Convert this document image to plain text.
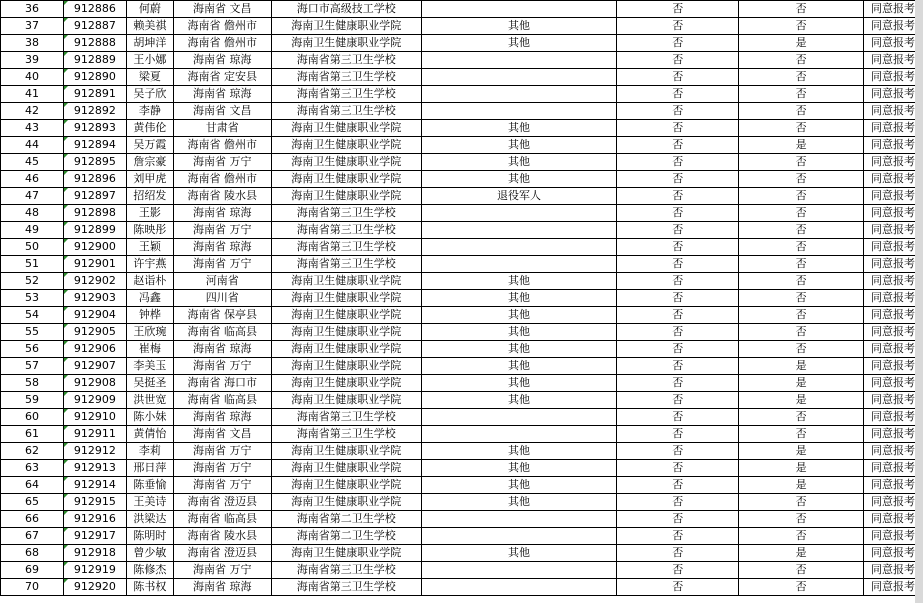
36	912886	何蔚	海南省 文昌	海口市高级技工学校		否	否	同意报考
37	912887	赖美祺	海南省 儋州市	海南卫生健康职业学院	其他	否	否	同意报考
38	912888	胡坤洋	海南省 儋州市	海南卫生健康职业学院	其他	否	是	同意报考
39	912889	王小娜	海南省 琼海	海南省第三卫生学校		否	否	同意报考
40	912890	梁夏	海南省 定安县	海南省第三卫生学校		否	否	同意报考
41	912891	吴子欣	海南省 琼海	海南省第三卫生学校		否	否	同意报考
42	912892	李静	海南省 文昌	海南省第三卫生学校		否	否	同意报考
43	912893	黄伟伦	甘肃省	海南卫生健康职业学院	其他	否	否	同意报考
44	912894	吴万霞	海南省 儋州市	海南卫生健康职业学院	其他	否	是	同意报考
45	912895	詹宗豪	海南省 万宁	海南卫生健康职业学院	其他	否	否	同意报考
46	912896	刘甲虎	海南省 儋州市	海南卫生健康职业学院	其他	否	否	同意报考
47	912897	招绍发	海南省 陵水县	海南卫生健康职业学院	退役军人	否	否	同意报考
48	912898	王影	海南省 琼海	海南省第三卫生学校		否	否	同意报考
49	912899	陈映彤	海南省 万宁	海南省第三卫生学校		否	否	同意报考
50	912900	王颖	海南省 琼海	海南省第三卫生学校		否	否	同意报考
51	912901	许宇燕	海南省 万宁	海南省第三卫生学校		否	否	同意报考
52	912902	赵诣朴	河南省	海南卫生健康职业学院	其他	否	否	同意报考
53	912903	冯鑫	四川省	海南卫生健康职业学院	其他	否	否	同意报考
54	912904	钟桦	海南省 保亭县	海南卫生健康职业学院	其他	否	否	同意报考
55	912905	王欣琬	海南省 临高县	海南卫生健康职业学院	其他	否	否	同意报考
56	912906	崔梅	海南省 琼海	海南卫生健康职业学院	其他	否	否	同意报考
57	912907	李美玉	海南省 万宁	海南卫生健康职业学院	其他	否	是	同意报考
58	912908	吴挺圣	海南省 海口市	海南卫生健康职业学院	其他	否	是	同意报考
59	912909	洪世宽	海南省 临高县	海南卫生健康职业学院	其他	否	是	同意报考
60	912910	陈小妹	海南省 琼海	海南省第三卫生学校		否	否	同意报考
61	912911	黄倩怡	海南省 文昌	海南省第三卫生学校		否	否	同意报考
62	912912	李莉	海南省 万宁	海南卫生健康职业学院	其他	否	是	同意报考
63	912913	邢日萍	海南省 万宁	海南卫生健康职业学院	其他	否	是	同意报考
64	912914	陈垂愉	海南省 万宁	海南卫生健康职业学院	其他	否	是	同意报考
65	912915	王美诗	海南省 澄迈县	海南卫生健康职业学院	其他	否	否	同意报考
66	912916	洪梁达	海南省 临高县	海南省第二卫生学校		否	否	同意报考
67	912917	陈明时	海南省 陵水县	海南省第二卫生学校		否	否	同意报考
68	912918	曾少敏	海南省 澄迈县	海南卫生健康职业学院	其他	否	是	同意报考
69	912919	陈修杰	海南省 万宁	海南省第三卫生学校		否	否	同意报考
70	912920	陈书权	海南省 琼海	海南省第三卫生学校		否	否	同意报考
